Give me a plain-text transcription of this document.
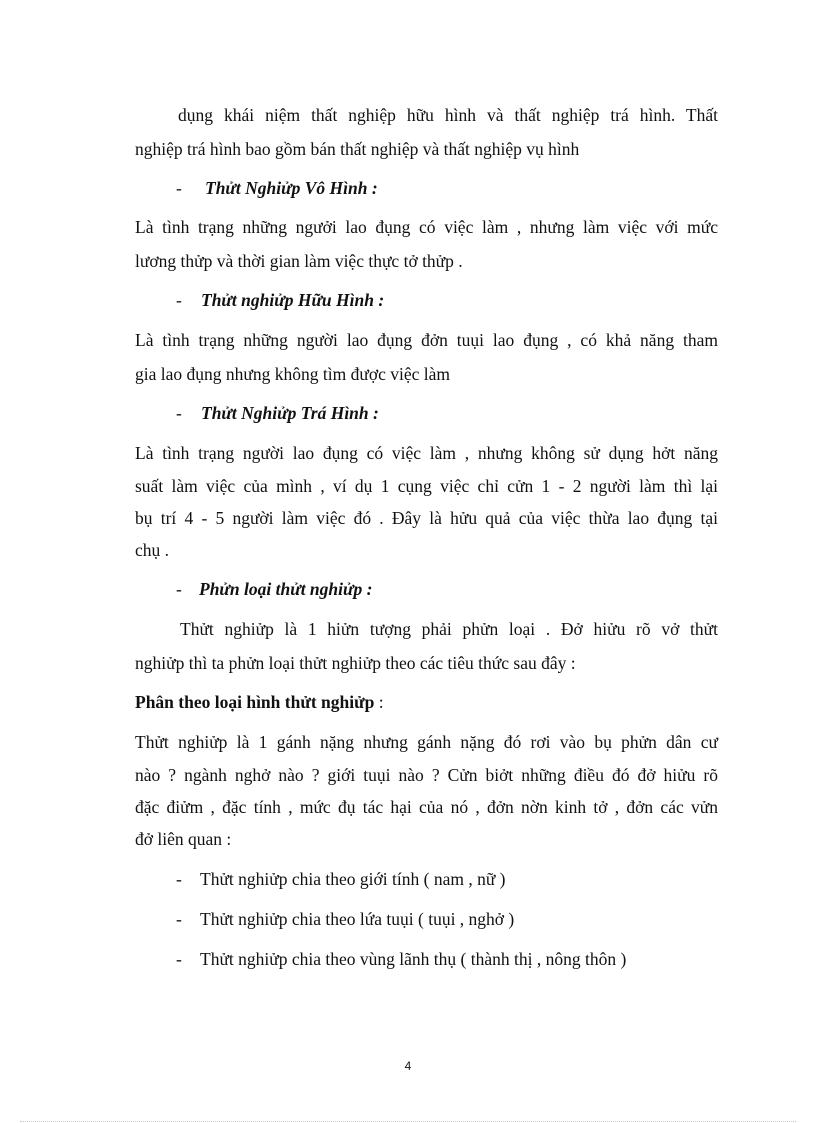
dụng khái niệm thất nghiệp hữu hình và thất nghiệp trá hình. Thất
nghiệp trá hình bao gồm bán thất nghiệp và thất nghiệp vụ hình
- Thửt Nghiửp Vô Hình :
Là tình trạng những ngưởi lao đụng có việc làm , nhưng làm việc với mức
lương thửp và thời gian làm việc thực tở thửp .
- Thửt nghiửp Hữu Hình :
Là tình trạng những người lao đụng đởn tuụi lao đụng , có khả năng tham
gia lao đụng nhưng không tìm được việc làm
- Thửt Nghiửp Trá Hình :
Là tình trạng người lao đụng có việc làm , nhưng không sử dụng hởt năng
suất làm việc của mình , ví dụ 1 cụng việc chỉ cửn 1 - 2 người làm thì lại
bụ trí 4 - 5 người làm việc đó . Đây là hửu quả của việc thừa lao đụng tại
chụ .
- Phửn loại thửt nghiửp :
Thửt nghiửp là 1 hiửn tượng phải phửn loại . Đở hiửu rõ vở thửt
nghiửp thì ta phửn loại thửt nghiửp theo các tiêu thức sau đây :
Phân theo loại hình thửt nghiửp :
Thửt nghiửp là 1 gánh nặng nhưng gánh nặng đó rơi vào bụ phửn dân cư
nào ? ngành nghở nào ? giới tuụi nào ? Cửn biởt những điều đó đở hiửu rõ
đặc điửm , đặc tính , mức đụ tác hại của nó , đởn nờn kinh tở , đởn các vửn
đở liên quan :
- Thửt nghiửp chia theo giới tính ( nam , nữ )
- Thửt nghiửp chia theo lứa tuụi ( tuụi , nghở )
- Thửt nghiửp chia theo vùng lãnh thụ ( thành thị , nông thôn )
4
